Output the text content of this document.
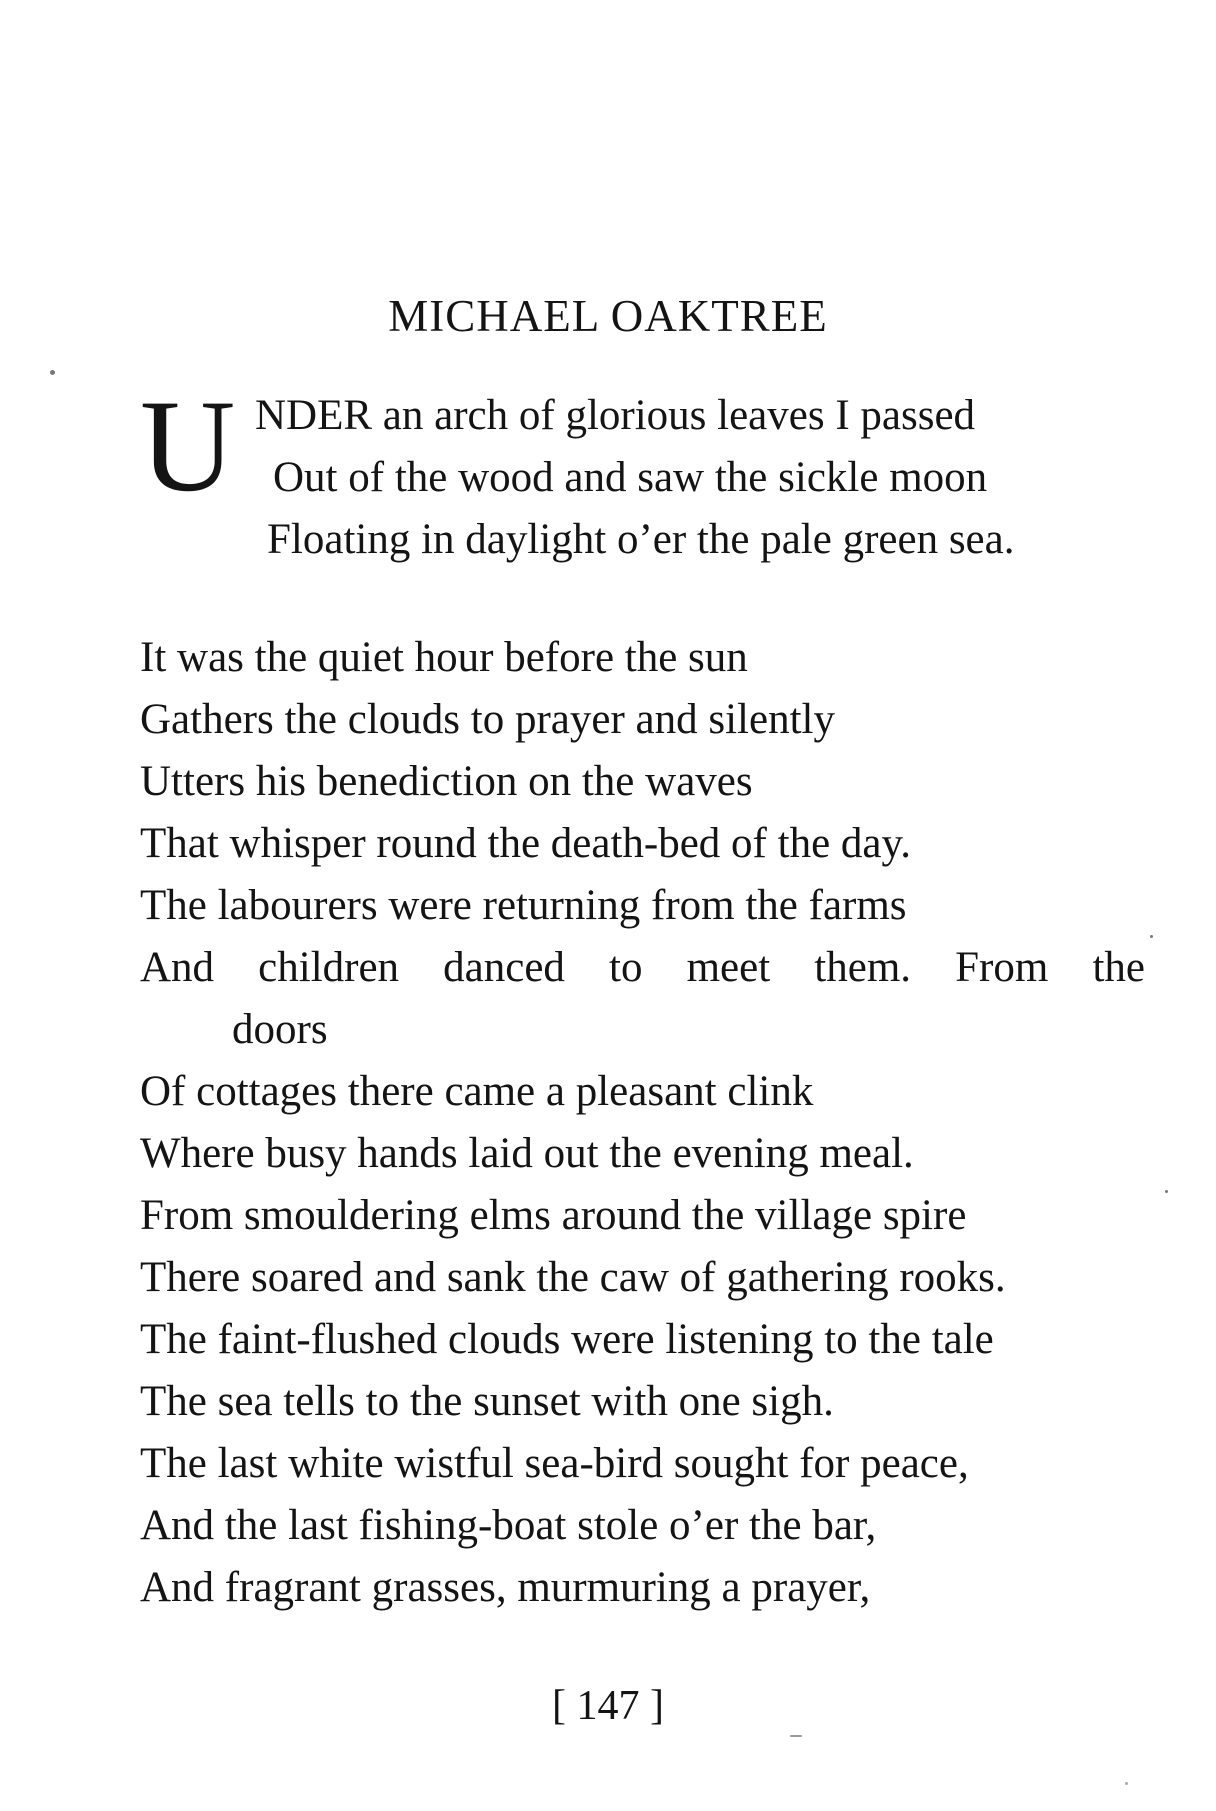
MICHAEL OAKTREE
U NDER an arch of glorious leaves I passed
Out of the wood and saw the sickle moon
Floating in daylight o’er the pale green sea.
It was the quiet hour before the sun
Gathers the clouds to prayer and silently
Utters his benediction on the waves
That whisper round the death-bed of the day.
The labourers were returning from the farms
And children danced to meet them. From the
doors
Of cottages there came a pleasant clink
Where busy hands laid out the evening meal.
From smouldering elms around the village spire
There soared and sank the caw of gathering rooks.
The faint-flushed clouds were listening to the tale
The sea tells to the sunset with one sigh.
The last white wistful sea-bird sought for peace,
And the last fishing-boat stole o’er the bar,
And fragrant grasses, murmuring a prayer,
[ 147 ]
